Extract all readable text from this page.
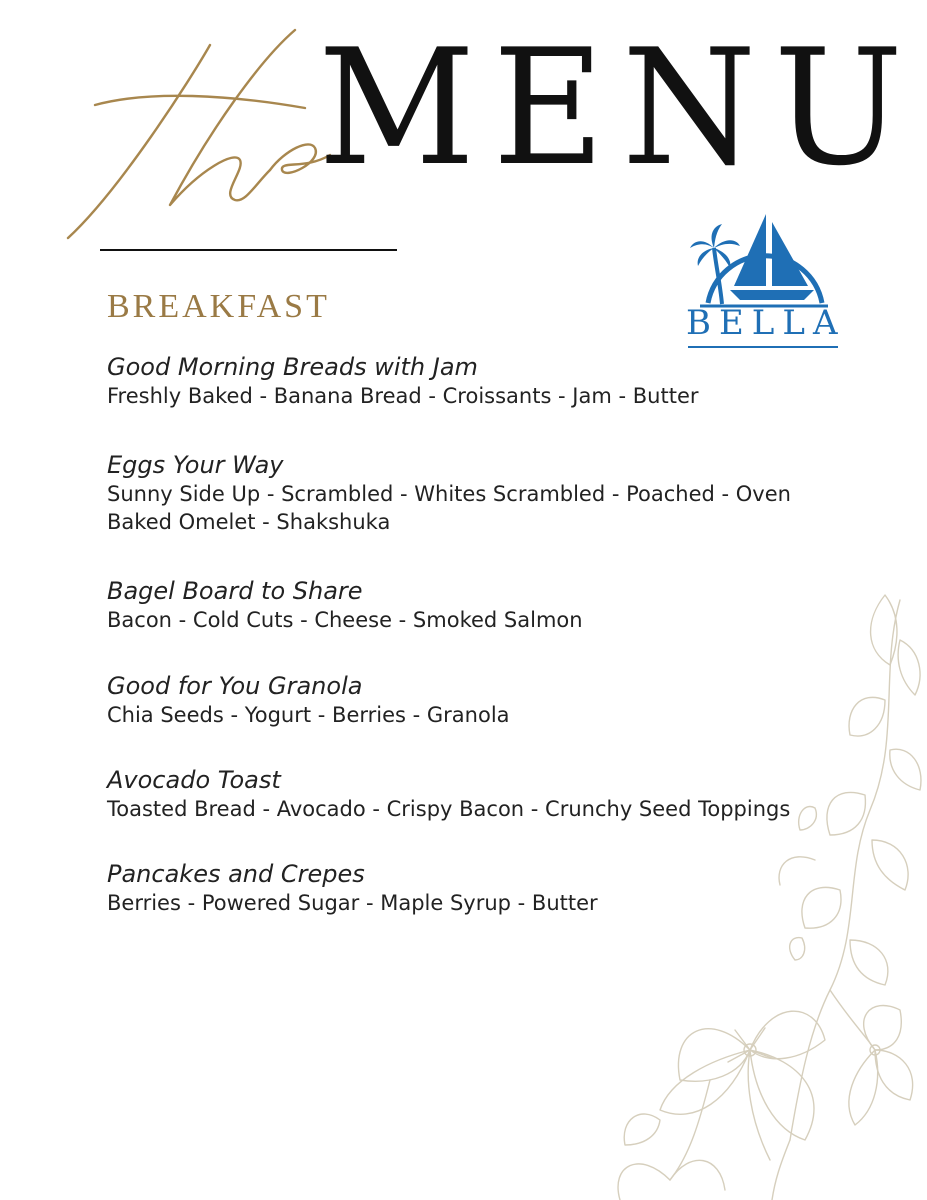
MENU
BELLA
BREAKFAST
Good Morning Breads with Jam
Freshly Baked - Banana Bread - Croissants - Jam - Butter
Eggs Your Way
Sunny Side Up - Scrambled - Whites Scrambled - Poached - Oven Baked Omelet - Shakshuka
Bagel Board to Share
Bacon - Cold Cuts - Cheese - Smoked Salmon
Good for You Granola
Chia Seeds - Yogurt - Berries - Granola
Avocado Toast
Toasted Bread - Avocado - Crispy Bacon - Crunchy Seed Toppings
Pancakes and Crepes
Berries - Powered Sugar - Maple Syrup - Butter
